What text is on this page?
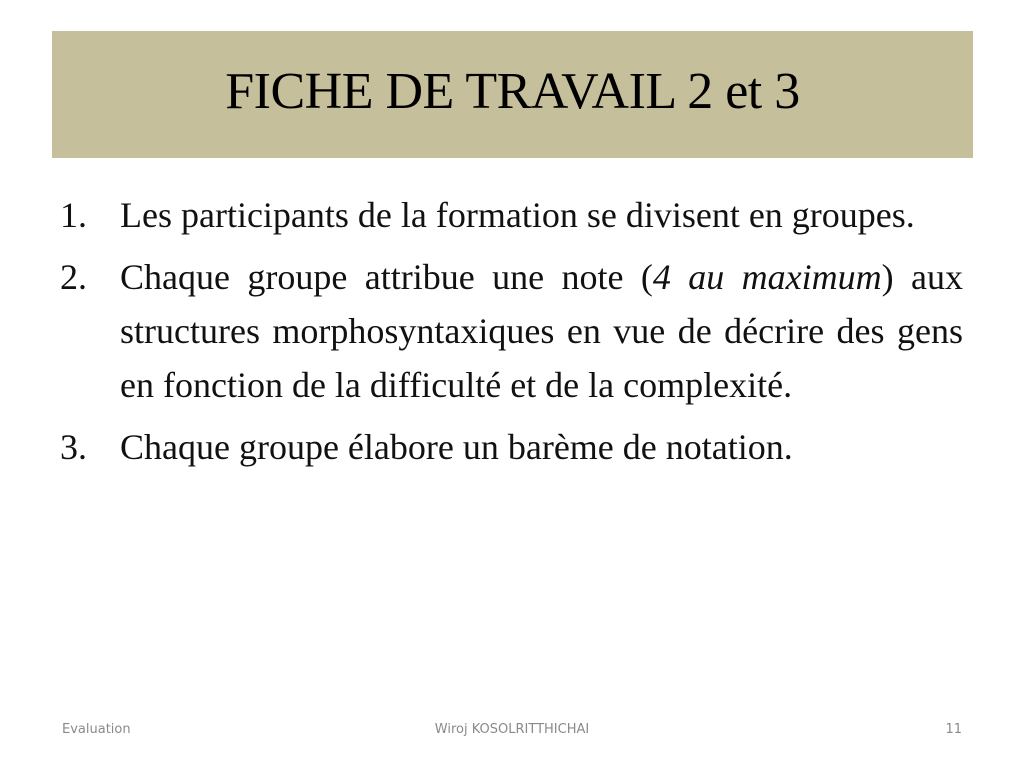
FICHE DE TRAVAIL 2 et 3
1. Les participants de la formation se divisent en groupes.
2. Chaque groupe attribue une note (4 au maximum) aux structures morphosyntaxiques en vue de décrire des gens en fonction de la difficulté et de la complexité.
3. Chaque groupe élabore un barème de notation.
Evaluation	Wiroj KOSOLRITTHICHAI	11
